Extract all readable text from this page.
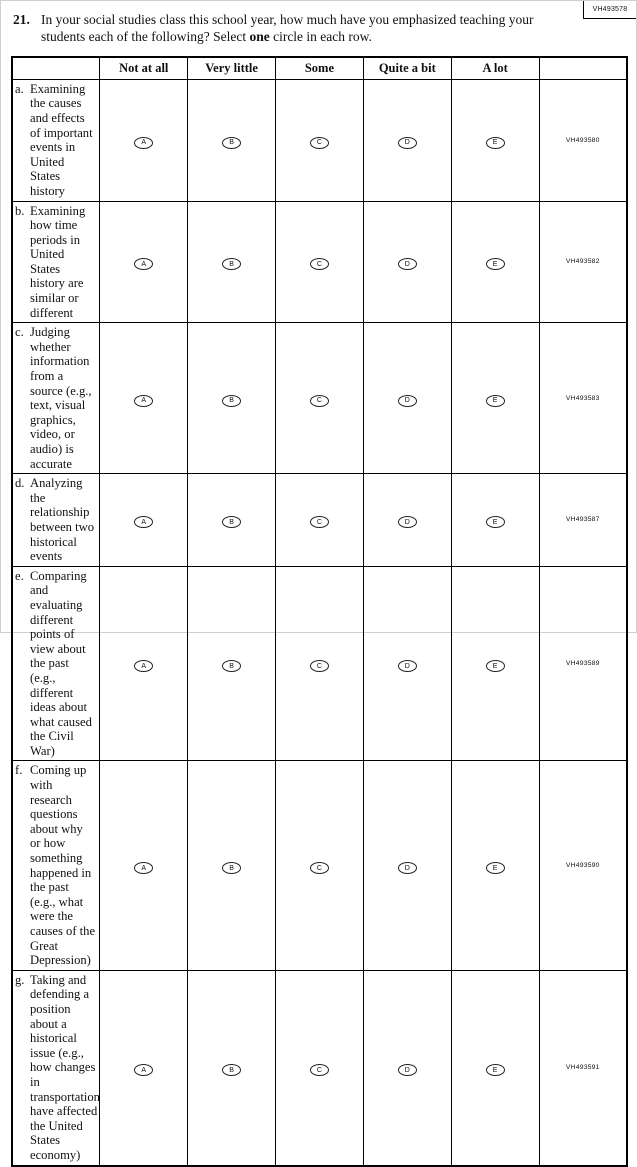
VH493578
21. In your social studies class this school year, how much have you emphasized teaching your students each of the following? Select one circle in each row.
	Not at all	Very little	Some	Quite a bit	A lot	

a. Examining the causes and effects of important events in United States history	A	B	C	D	E	VH493580

b. Examining how time periods in United States history are similar or different	A	B	C	D	E	VH493582

c. Judging whether information from a source (e.g., text, visual graphics, video, or audio) is accurate	A	B	C	D	E	VH493583

d. Analyzing the relationship between two historical events	A	B	C	D	E	VH493587

e. Comparing and evaluating different points of view about the past (e.g., different ideas about what caused the Civil War)	A	B	C	D	E	VH493589

f. Coming up with research questions about why or how something happened in the past (e.g., what were the causes of the Great Depression)	A	B	C	D	E	VH493590

g. Taking and defending a position about a historical issue (e.g., how changes in transportation have affected the United States economy)	A	B	C	D	E	VH493591
